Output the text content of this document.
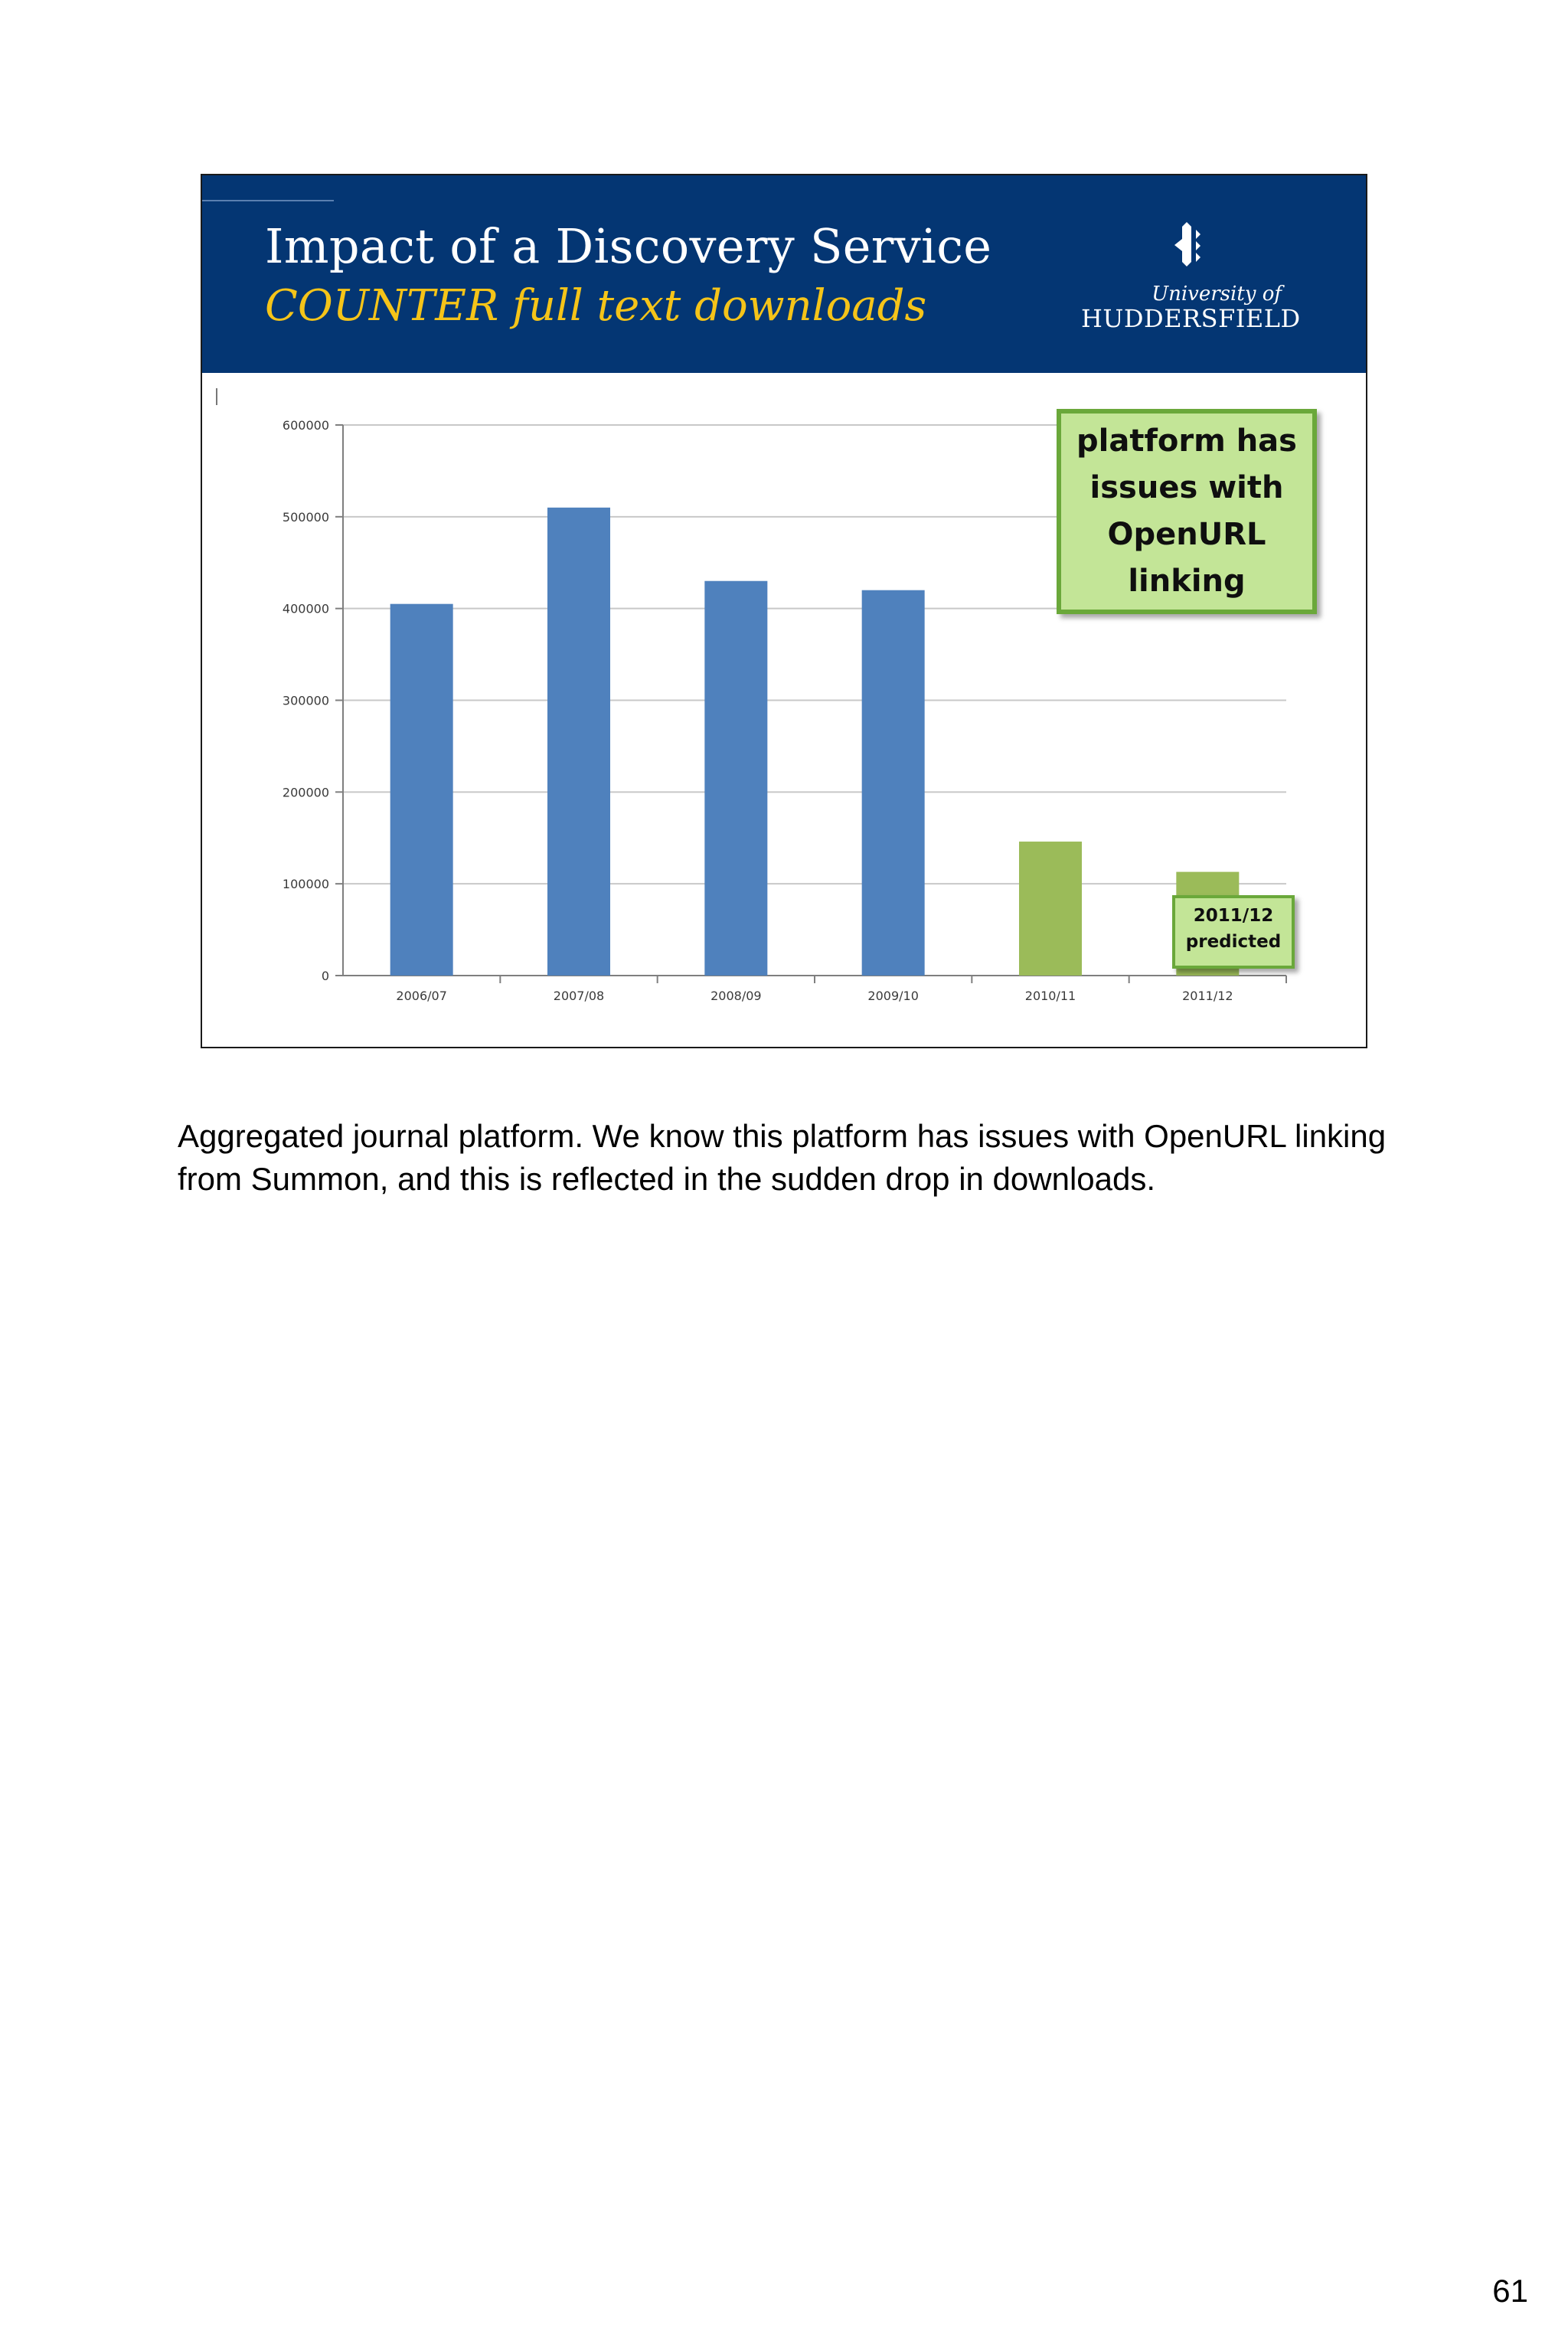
Impact of a Discovery Service
COUNTER full text downloads	University of
HUDDERSFIELD
0
100000
200000
300000
400000
500000
600000
2006/07	2007/08	2008/09	2009/10	2010/11	2011/12
platform has
issues with
OpenURL
linking
2011/12
predicted
Aggregated journal platform. We know this platform has issues with OpenURL linking from Summon, and this is reflected in the sudden drop in downloads.
61
